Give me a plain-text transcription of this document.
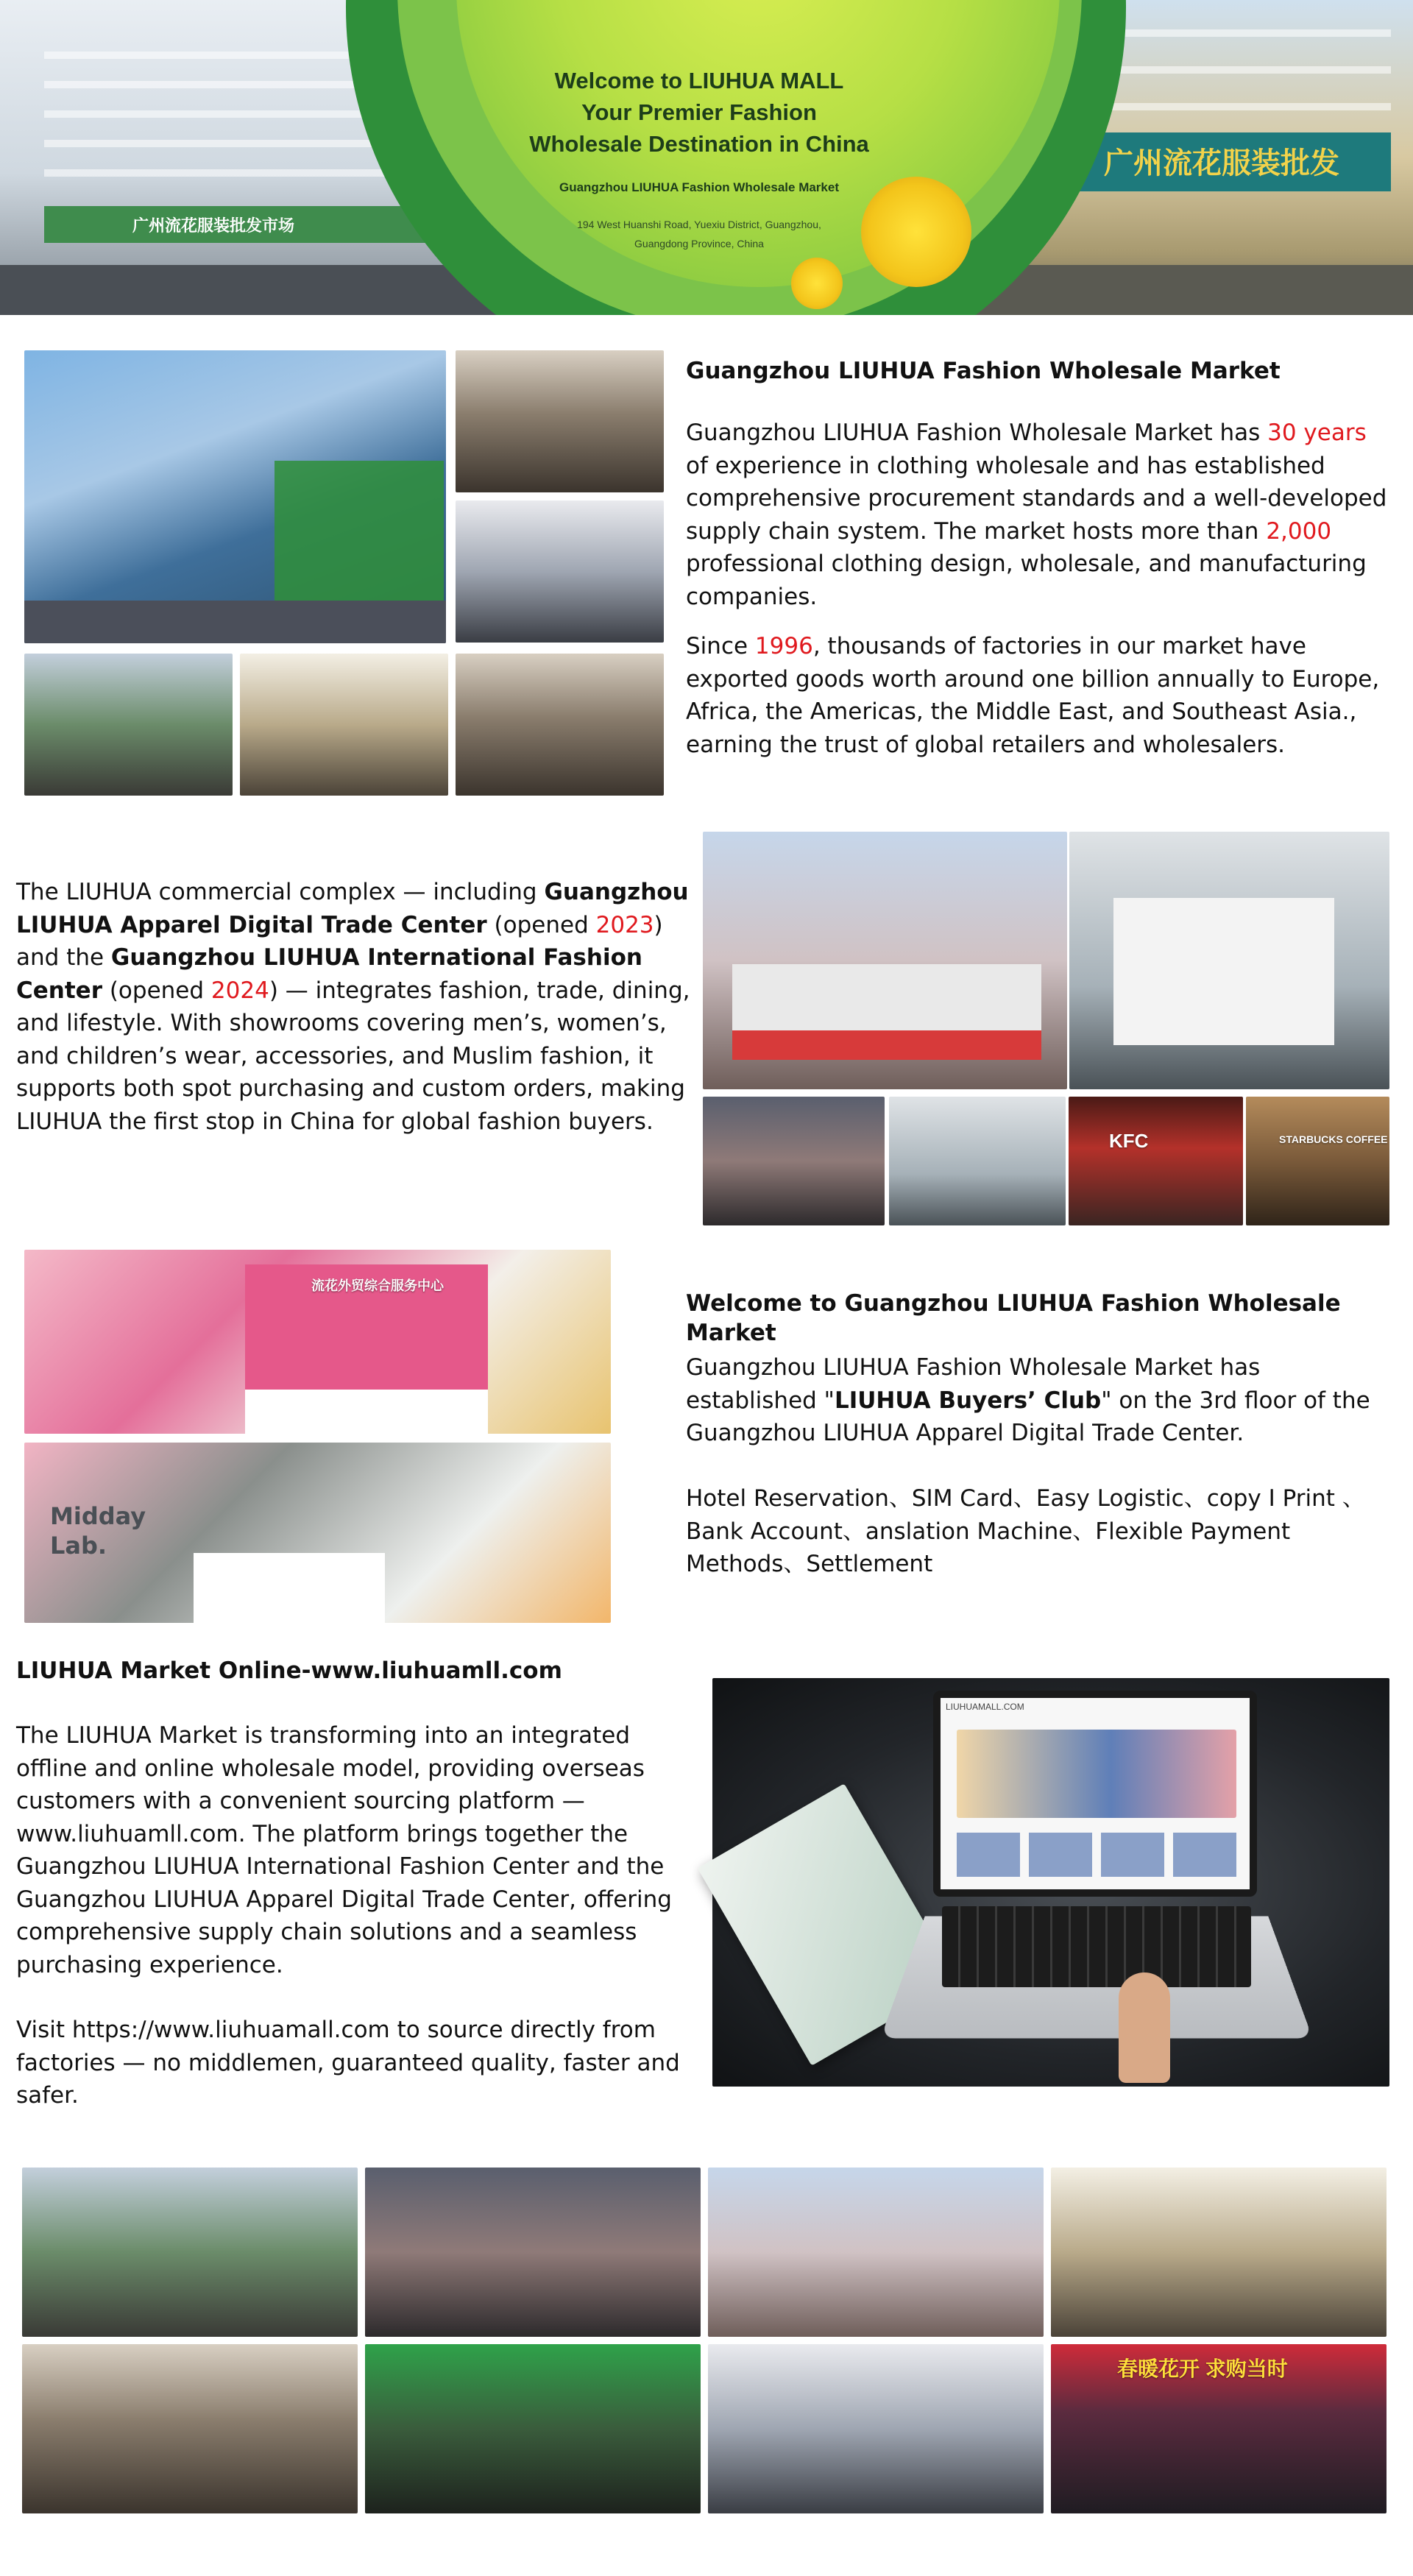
广州流花服装批发市场
广州流花服装批发
Welcome to LIUHUA MALL
Your Premier Fashion
Wholesale Destination in China
Guangzhou LIUHUA Fashion Wholesale Market
194 West Huanshi Road, Yuexiu District, Guangzhou,
Guangdong Province, China
Guangzhou LIUHUA Fashion Wholesale Market
Guangzhou LIUHUA Fashion Wholesale Market has 30 years of experience in clothing wholesale and has established comprehensive procurement standards and a well-developed supply chain system. The market hosts more than 2,000 professional clothing design, wholesale, and manufacturing companies.
Since 1996, thousands of factories in our market have exported goods worth around one billion annually to Europe, Africa, the Americas, the Middle East, and Southeast Asia., earning the trust of global retailers and wholesalers.
The LIUHUA commercial complex — including Guangzhou LIUHUA Apparel Digital Trade Center (opened 2023) and the Guangzhou LIUHUA International Fashion Center (opened 2024) — integrates fashion, trade, dining, and lifestyle. With showrooms covering men’s, women’s, and children’s wear, accessories, and Muslim fashion, it supports both spot purchasing and custom orders, making LIUHUA the first stop in China for global fashion buyers.
KFC	STARBUCKS COFFEE
流花外贸综合服务中心
Midday
Lab.
Welcome to Guangzhou LIUHUA Fashion Wholesale Market
Guangzhou LIUHUA Fashion Wholesale Market has established "LIUHUA Buyers’ Club" on the 3rd floor of the Guangzhou LIUHUA Apparel Digital Trade Center.
Hotel Reservation、SIM Card、Easy Logistic、copy I Print 、Bank Account、anslation Machine、Flexible Payment Methods、Settlement
LIUHUA Market Online-www.liuhuamll.com
The LIUHUA Market is transforming into an integrated offline and online wholesale model, providing overseas customers with a convenient sourcing platform — www.liuhuamll.com. The platform brings together the Guangzhou LIUHUA International Fashion Center and the Guangzhou LIUHUA Apparel Digital Trade Center, offering comprehensive supply chain solutions and a seamless purchasing experience.
Visit https://www.liuhuamall.com to source directly from factories — no middlemen, guaranteed quality, faster and safer.
LIUHUAMALL.COM
春暖花开 求购当时
